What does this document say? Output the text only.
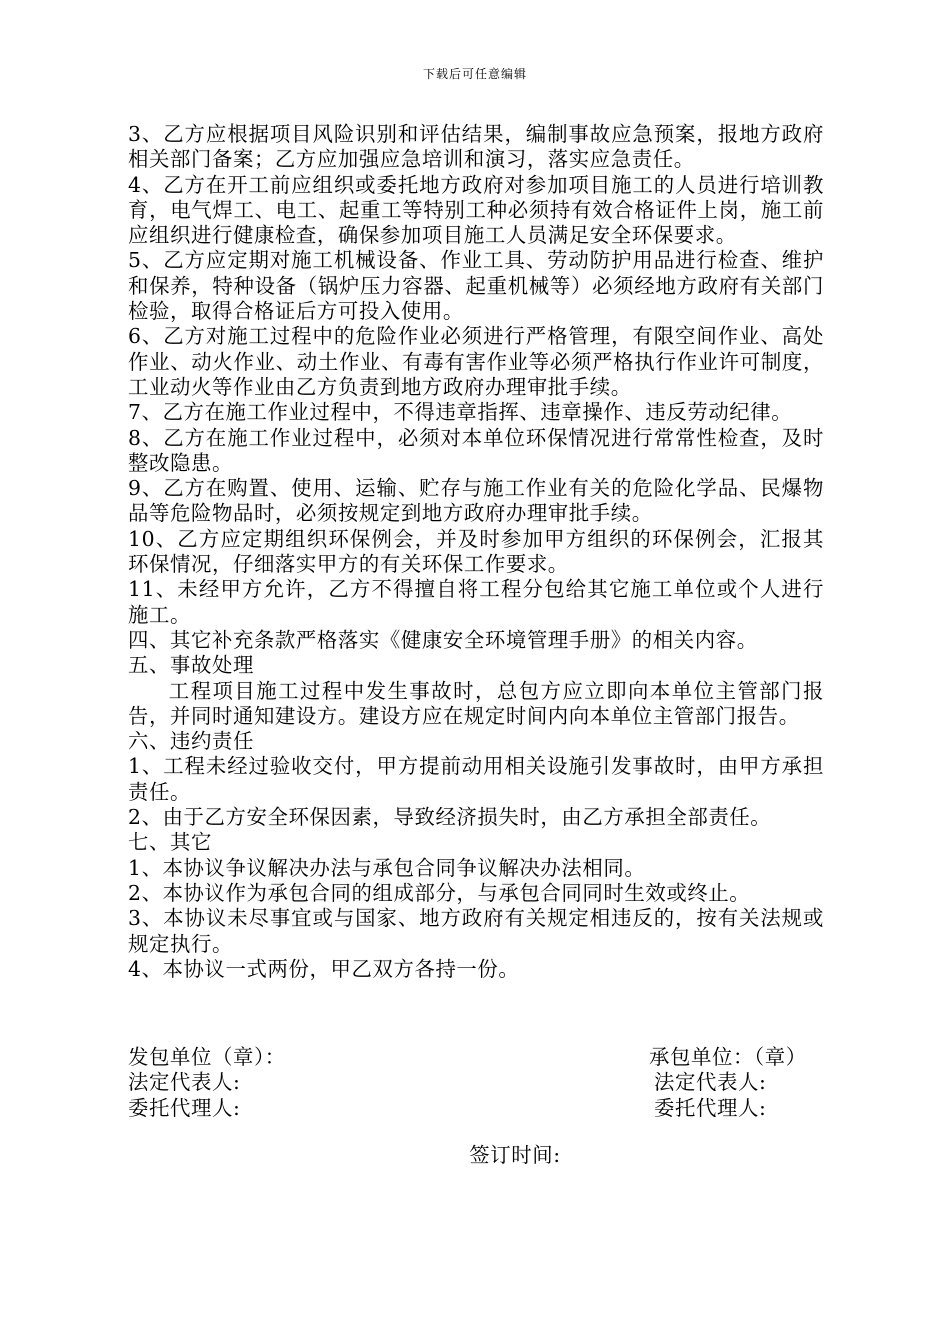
下载后可任意编辑

3、乙方应根据项目风险识别和评估结果，编制事故应急预案，报地方政府相关部门备案；乙方应加强应急培训和演习，落实应急责任。

4、乙方在开工前应组织或委托地方政府对参加项目施工的人员进行培训教育，电气焊工、电工、起重工等特别工种必须持有效合格证件上岗，施工前应组织进行健康检查，确保参加项目施工人员满足安全环保要求。

5、乙方应定期对施工机械设备、作业工具、劳动防护用品进行检查、维护和保养，特种设备（锅炉压力容器、起重机械等）必须经地方政府有关部门检验，取得合格证后方可投入使用。

6、乙方对施工过程中的危险作业必须进行严格管理，有限空间作业、高处作业、动火作业、动土作业、有毒有害作业等必须严格执行作业许可制度，工业动火等作业由乙方负责到地方政府办理审批手续。

7、乙方在施工作业过程中，不得违章指挥、违章操作、违反劳动纪律。

8、乙方在施工作业过程中，必须对本单位环保情况进行常常性检查，及时整改隐患。

9、乙方在购置、使用、运输、贮存与施工作业有关的危险化学品、民爆物品等危险物品时，必须按规定到地方政府办理审批手续。

10、乙方应定期组织环保例会，并及时参加甲方组织的环保例会，汇报其环保情况，仔细落实甲方的有关环保工作要求。

11、未经甲方允许，乙方不得擅自将工程分包给其它施工单位或个人进行施工。

四、其它补充条款严格落实《健康安全环境管理手册》的相关内容。

五、事故处理

工程项目施工过程中发生事故时，总包方应立即向本单位主管部门报告，并同时通知建设方。建设方应在规定时间内向本单位主管部门报告。

六、违约责任

1、工程未经过验收交付，甲方提前动用相关设施引发事故时，由甲方承担责任。

2、由于乙方安全环保因素，导致经济损失时，由乙方承担全部责任。

七、其它

1、本协议争议解决办法与承包合同争议解决办法相同。

2、本协议作为承包合同的组成部分，与承包合同同时生效或终止。

3、本协议未尽事宜或与国家、地方政府有关规定相违反的，按有关法规或规定执行。

4、本协议一式两份，甲乙双方各持一份。

发包单位（章）：	承包单位：（章）
法定代表人:	法定代表人:
委托代理人:	委托代理人:
签订时间:
